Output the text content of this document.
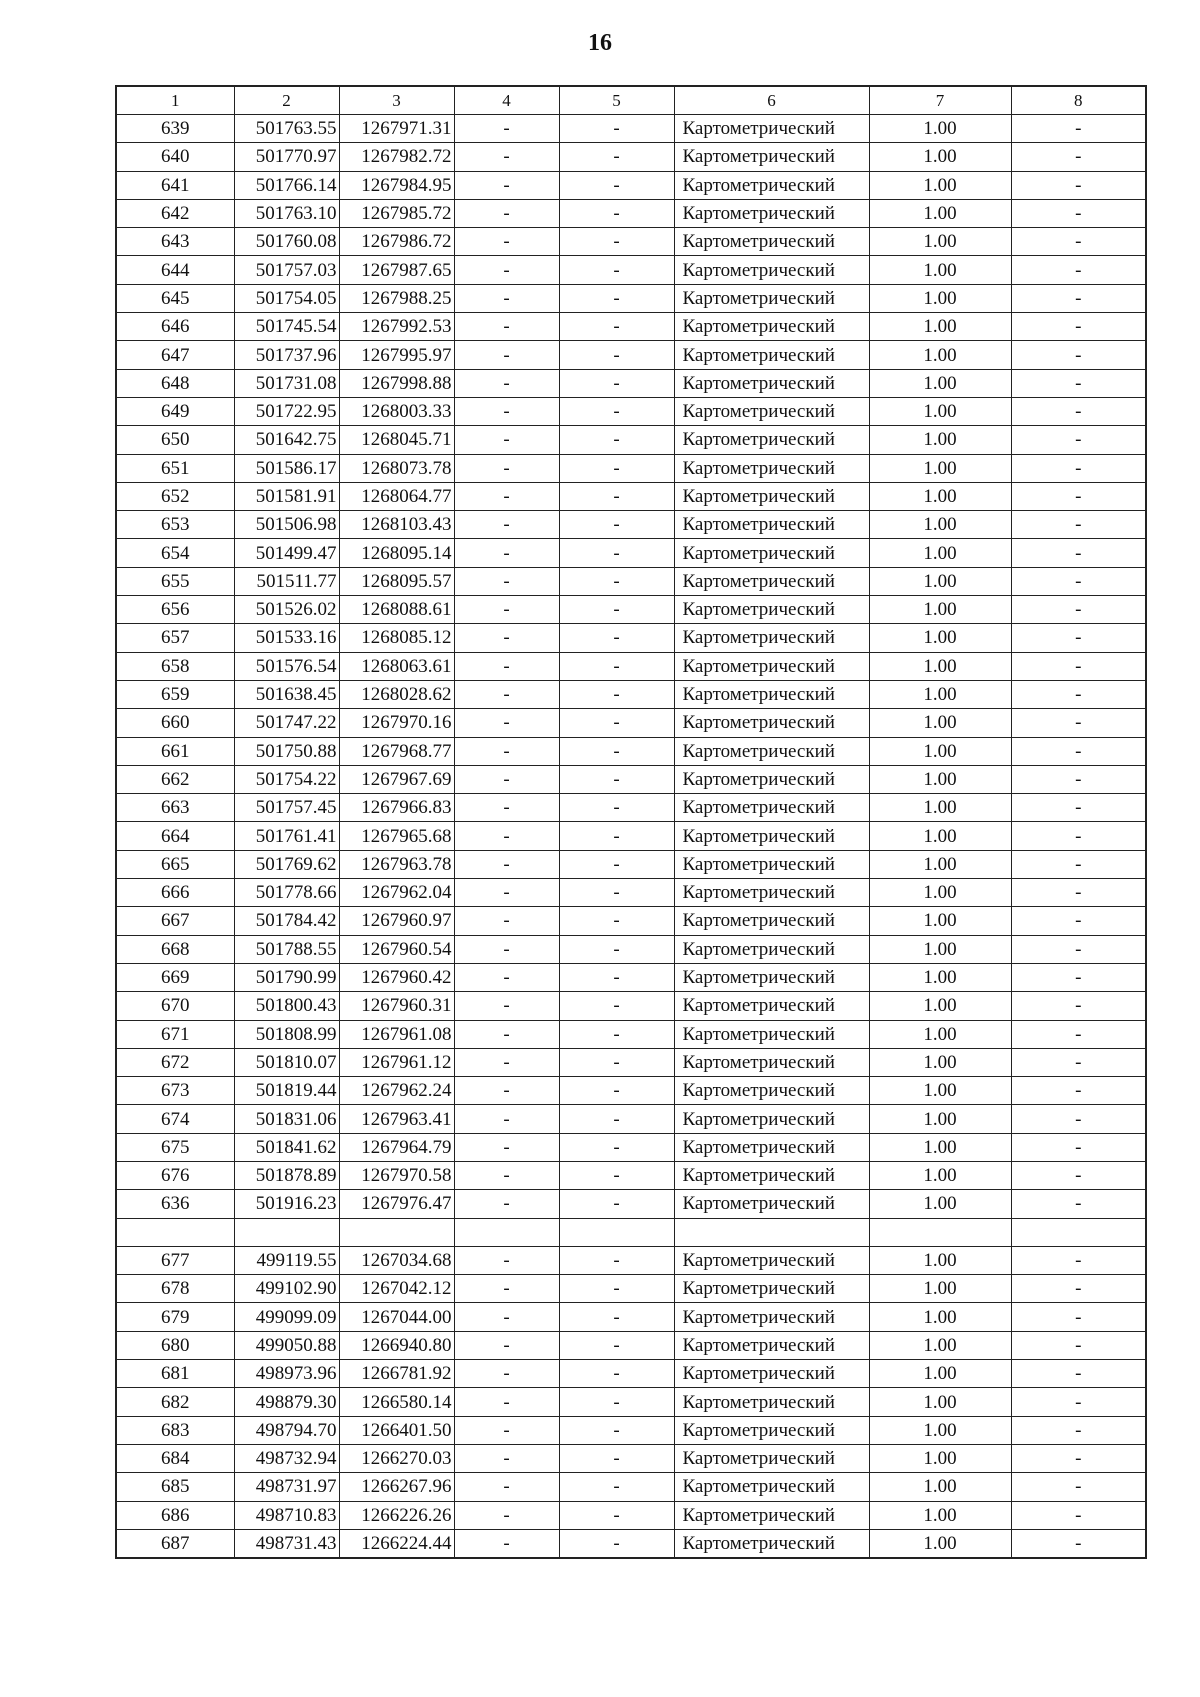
16
1	2	3	4	5	6	7	8
639	501763.55	1267971.31	-	-	Картометрический	1.00	-
640	501770.97	1267982.72	-	-	Картометрический	1.00	-
641	501766.14	1267984.95	-	-	Картометрический	1.00	-
642	501763.10	1267985.72	-	-	Картометрический	1.00	-
643	501760.08	1267986.72	-	-	Картометрический	1.00	-
644	501757.03	1267987.65	-	-	Картометрический	1.00	-
645	501754.05	1267988.25	-	-	Картометрический	1.00	-
646	501745.54	1267992.53	-	-	Картометрический	1.00	-
647	501737.96	1267995.97	-	-	Картометрический	1.00	-
648	501731.08	1267998.88	-	-	Картометрический	1.00	-
649	501722.95	1268003.33	-	-	Картометрический	1.00	-
650	501642.75	1268045.71	-	-	Картометрический	1.00	-
651	501586.17	1268073.78	-	-	Картометрический	1.00	-
652	501581.91	1268064.77	-	-	Картометрический	1.00	-
653	501506.98	1268103.43	-	-	Картометрический	1.00	-
654	501499.47	1268095.14	-	-	Картометрический	1.00	-
655	501511.77	1268095.57	-	-	Картометрический	1.00	-
656	501526.02	1268088.61	-	-	Картометрический	1.00	-
657	501533.16	1268085.12	-	-	Картометрический	1.00	-
658	501576.54	1268063.61	-	-	Картометрический	1.00	-
659	501638.45	1268028.62	-	-	Картометрический	1.00	-
660	501747.22	1267970.16	-	-	Картометрический	1.00	-
661	501750.88	1267968.77	-	-	Картометрический	1.00	-
662	501754.22	1267967.69	-	-	Картометрический	1.00	-
663	501757.45	1267966.83	-	-	Картометрический	1.00	-
664	501761.41	1267965.68	-	-	Картометрический	1.00	-
665	501769.62	1267963.78	-	-	Картометрический	1.00	-
666	501778.66	1267962.04	-	-	Картометрический	1.00	-
667	501784.42	1267960.97	-	-	Картометрический	1.00	-
668	501788.55	1267960.54	-	-	Картометрический	1.00	-
669	501790.99	1267960.42	-	-	Картометрический	1.00	-
670	501800.43	1267960.31	-	-	Картометрический	1.00	-
671	501808.99	1267961.08	-	-	Картометрический	1.00	-
672	501810.07	1267961.12	-	-	Картометрический	1.00	-
673	501819.44	1267962.24	-	-	Картометрический	1.00	-
674	501831.06	1267963.41	-	-	Картометрический	1.00	-
675	501841.62	1267964.79	-	-	Картометрический	1.00	-
676	501878.89	1267970.58	-	-	Картометрический	1.00	-
636	501916.23	1267976.47	-	-	Картометрический	1.00	-

677	499119.55	1267034.68	-	-	Картометрический	1.00	-
678	499102.90	1267042.12	-	-	Картометрический	1.00	-
679	499099.09	1267044.00	-	-	Картометрический	1.00	-
680	499050.88	1266940.80	-	-	Картометрический	1.00	-
681	498973.96	1266781.92	-	-	Картометрический	1.00	-
682	498879.30	1266580.14	-	-	Картометрический	1.00	-
683	498794.70	1266401.50	-	-	Картометрический	1.00	-
684	498732.94	1266270.03	-	-	Картометрический	1.00	-
685	498731.97	1266267.96	-	-	Картометрический	1.00	-
686	498710.83	1266226.26	-	-	Картометрический	1.00	-
687	498731.43	1266224.44	-	-	Картометрический	1.00	-
